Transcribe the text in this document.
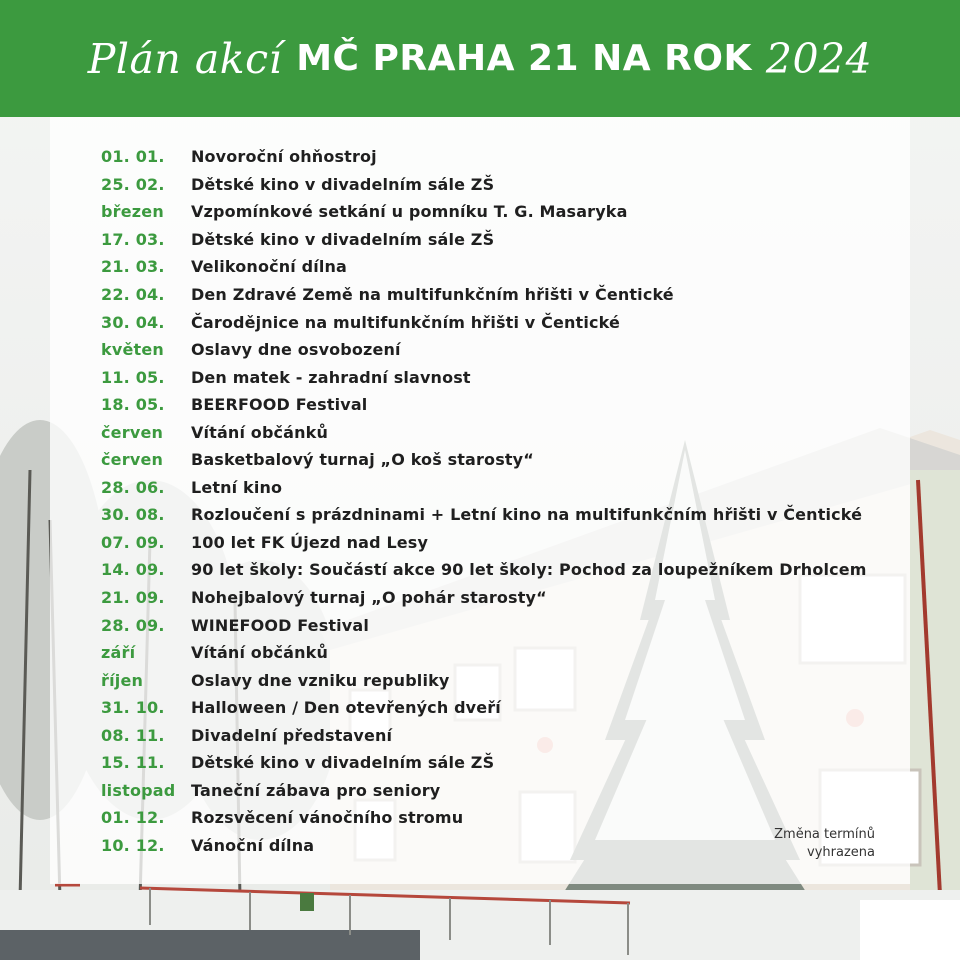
Plán akcí MČ PRAHA 21 NA ROK 2024
01. 01.	Novoroční ohňostroj
25. 02.	Dětské kino v divadelním sále ZŠ
březen	Vzpomínkové setkání u pomníku T. G. Masaryka
17. 03.	Dětské kino v divadelním sále ZŠ
21. 03.	Velikonoční dílna
22. 04.	Den Zdravé Země na multifunkčním hřišti v Čentické
30. 04.	Čarodějnice na multifunkčním hřišti v Čentické
květen	Oslavy dne osvobození
11. 05.	Den matek - zahradní slavnost
18. 05.	BEERFOOD Festival
červen	Vítání občánků
červen	Basketbalový turnaj „O koš starosty“
28. 06.	Letní kino
30. 08.	Rozloučení s prázdninami + Letní kino na multifunkčním hřišti v Čentické
07. 09.	100 let FK Újezd nad Lesy
14. 09.	90 let školy: Součástí akce 90 let školy: Pochod za loupežníkem Drholcem
21. 09.	Nohejbalový turnaj „O pohár starosty“
28. 09.	WINEFOOD Festival
září	Vítání občánků
říjen	Oslavy dne vzniku republiky
31. 10.	Halloween / Den otevřených dveří
08. 11.	Divadelní představení
15. 11.	Dětské kino v divadelním sále ZŠ
listopad Taneční zábava pro seniory
01. 12.	Rozsvěcení vánočního stromu
10. 12.	Vánoční dílna
Změna termínů
vyhrazena
